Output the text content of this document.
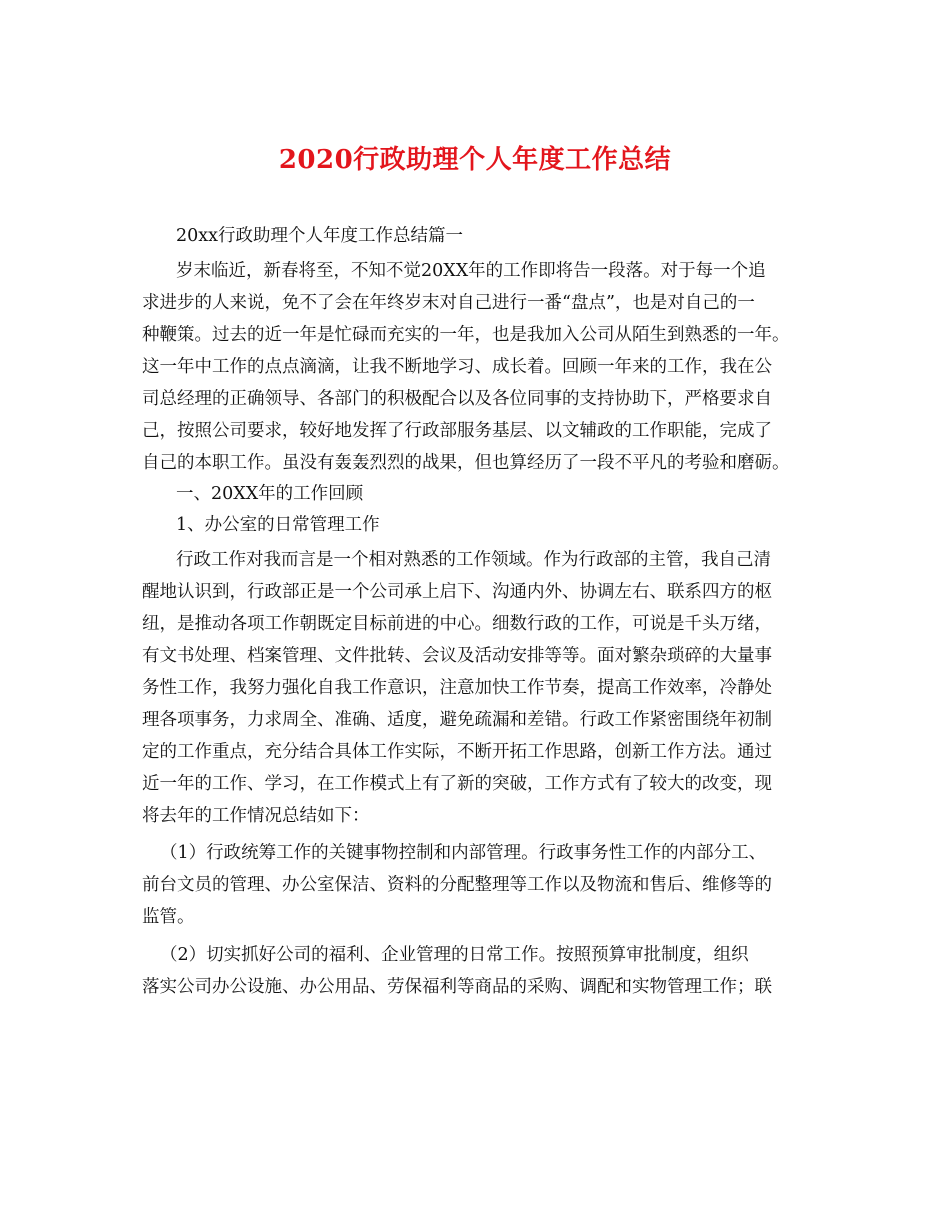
2020行政助理个人年度工作总结
20xx行政助理个人年度工作总结篇一
岁末临近，新春将至，不知不觉20XX年的工作即将告一段落。对于每一个追
求进步的人来说，免不了会在年终岁末对自己进行一番“盘点”，也是对自己的一
种鞭策。过去的近一年是忙碌而充实的一年，也是我加入公司从陌生到熟悉的一年。
这一年中工作的点点滴滴，让我不断地学习、成长着。回顾一年来的工作，我在公
司总经理的正确领导、各部门的积极配合以及各位同事的支持协助下，严格要求自
己，按照公司要求，较好地发挥了行政部服务基层、以文辅政的工作职能，完成了
自己的本职工作。虽没有轰轰烈烈的战果，但也算经历了一段不平凡的考验和磨砺。
一、20XX年的工作回顾
1、办公室的日常管理工作
行政工作对我而言是一个相对熟悉的工作领域。作为行政部的主管，我自己清
醒地认识到，行政部正是一个公司承上启下、沟通内外、协调左右、联系四方的枢
纽，是推动各项工作朝既定目标前进的中心。细数行政的工作，可说是千头万绪，
有文书处理、档案管理、文件批转、会议及活动安排等等。面对繁杂琐碎的大量事
务性工作，我努力强化自我工作意识，注意加快工作节奏，提高工作效率，冷静处
理各项事务，力求周全、准确、适度，避免疏漏和差错。行政工作紧密围绕年初制
定的工作重点，充分结合具体工作实际，不断开拓工作思路，创新工作方法。通过
近一年的工作、学习，在工作模式上有了新的突破，工作方式有了较大的改变，现
将去年的工作情况总结如下：
（1）行政统筹工作的关键事物控制和内部管理。行政事务性工作的内部分工、
前台文员的管理、办公室保洁、资料的分配整理等工作以及物流和售后、维修等的
监管。
（2）切实抓好公司的福利、企业管理的日常工作。按照预算审批制度，组织
落实公司办公设施、办公用品、劳保福利等商品的采购、调配和实物管理工作；联
